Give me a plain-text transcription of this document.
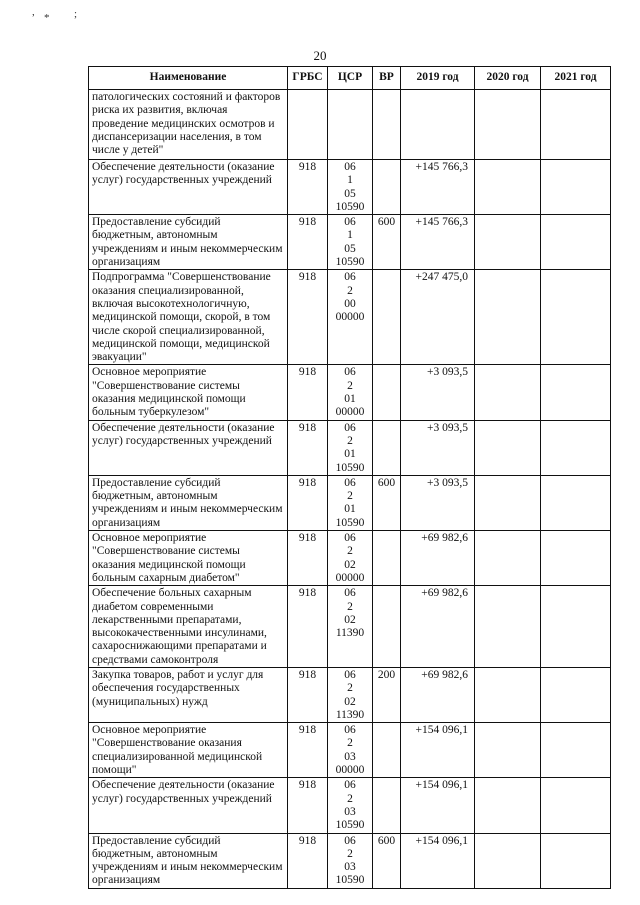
, * ;
20
Наименование	ГРБС	ЦСР	ВР	2019 год	2020 год	2021 год
патологических состояний и факторов риска их развития, включая проведение медицинских осмотров и диспансеризации населения, в том числе у детей"						
Обеспечение деятельности (оказание услуг) государственных учреждений	918	06 1 05 10590		+145 766,3		
Предоставление субсидий бюджетным, автономным учреждениям и иным некоммерческим организациям	918	06 1 05 10590	600	+145 766,3		
Подпрограмма "Совершенствование оказания специализированной, включая высокотехнологичную, медицинской помощи, скорой, в том числе скорой специализированной, медицинской помощи, медицинской эвакуации"	918	06 2 00 00000		+247 475,0		
Основное мероприятие "Совершенствование системы оказания медицинской помощи больным туберкулезом"	918	06 2 01 00000		+3 093,5		
Обеспечение деятельности (оказание услуг) государственных учреждений	918	06 2 01 10590		+3 093,5		
Предоставление субсидий бюджетным, автономным учреждениям и иным некоммерческим организациям	918	06 2 01 10590	600	+3 093,5		
Основное мероприятие "Совершенствование системы оказания медицинской помощи больным сахарным диабетом"	918	06 2 02 00000		+69 982,6		
Обеспечение больных сахарным диабетом современными лекарственными препаратами, высококачественными инсулинами, сахароснижающими препаратами и средствами самоконтроля	918	06 2 02 11390		+69 982,6		
Закупка товаров, работ и услуг для обеспечения государственных (муниципальных) нужд	918	06 2 02 11390	200	+69 982,6		
Основное мероприятие "Совершенствование оказания специализированной медицинской помощи"	918	06 2 03 00000		+154 096,1		
Обеспечение деятельности (оказание услуг) государственных учреждений	918	06 2 03 10590		+154 096,1		
Предоставление субсидий бюджетным, автономным учреждениям и иным некоммерческим организациям	918	06 2 03 10590	600	+154 096,1		
